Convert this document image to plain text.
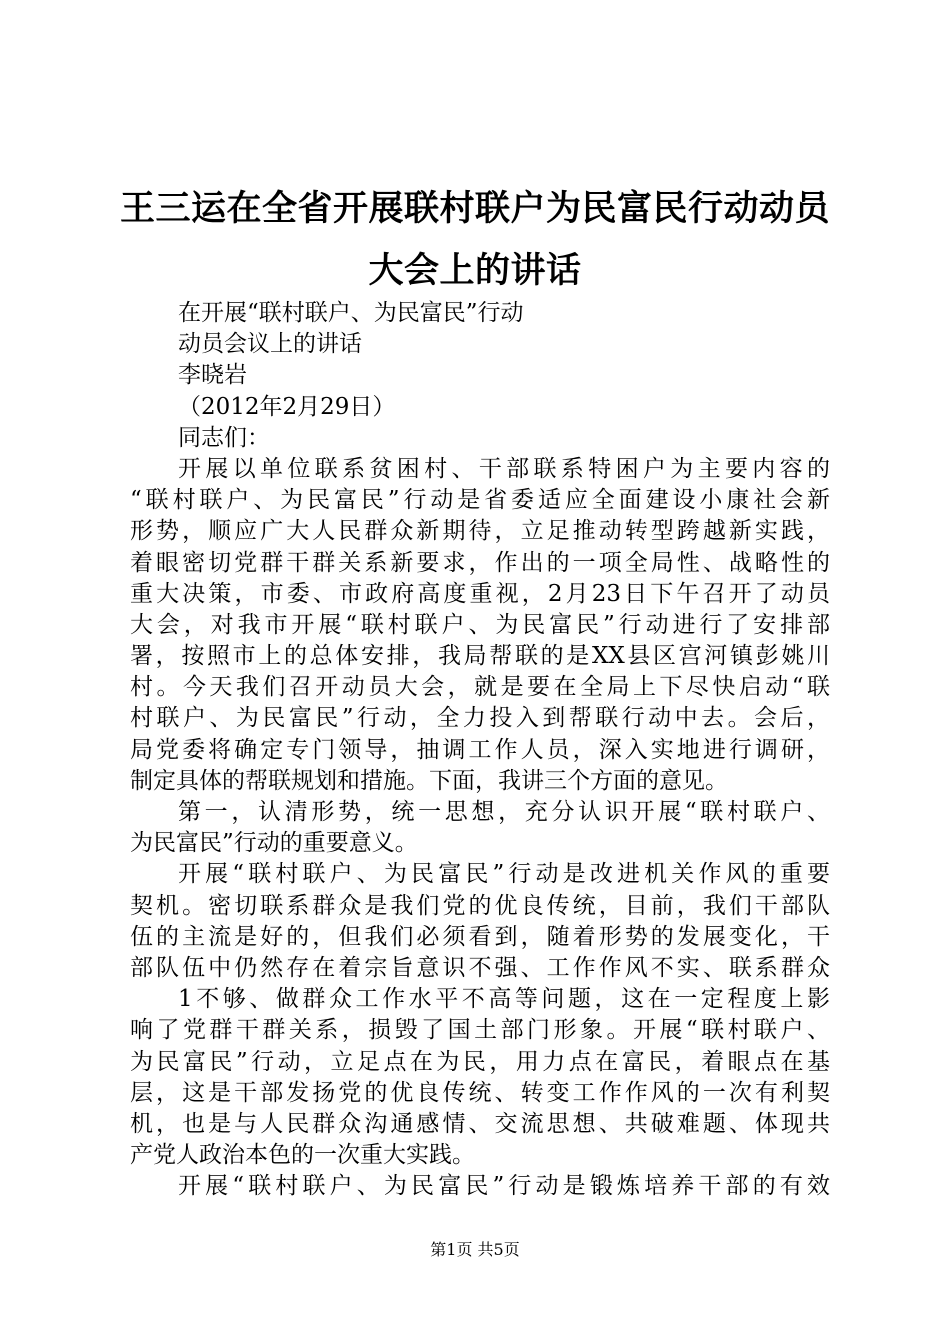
王三运在全省开展联村联户为民富民行动动员
大会上的讲话
在开展“联村联户、为民富民”行动
动员会议上的讲话
李晓岩
（2012年2月29日）
同志们：
开展以单位联系贫困村、干部联系特困户为主要内容的
“联村联户、为民富民”行动是省委适应全面建设小康社会新
形势，顺应广大人民群众新期待，立足推动转型跨越新实践，
着眼密切党群干群关系新要求，作出的一项全局性、战略性的
重大决策，市委、市政府高度重视，2月23日下午召开了动员
大会，对我市开展“联村联户、为民富民”行动进行了安排部
署，按照市上的总体安排，我局帮联的是XX县区宫河镇彭姚川
村。今天我们召开动员大会，就是要在全局上下尽快启动“联
村联户、为民富民”行动，全力投入到帮联行动中去。会后，
局党委将确定专门领导，抽调工作人员，深入实地进行调研，
制定具体的帮联规划和措施。下面，我讲三个方面的意见。
第一，认清形势，统一思想，充分认识开展“联村联户、
为民富民”行动的重要意义。
开展“联村联户、为民富民”行动是改进机关作风的重要
契机。密切联系群众是我们党的优良传统，目前，我们干部队
伍的主流是好的，但我们必须看到，随着形势的发展变化，干
部队伍中仍然存在着宗旨意识不强、工作作风不实、联系群众
1不够、做群众工作水平不高等问题，这在一定程度上影
响了党群干群关系，损毁了国土部门形象。开展“联村联户、
为民富民”行动，立足点在为民，用力点在富民，着眼点在基
层，这是干部发扬党的优良传统、转变工作作风的一次有利契
机，也是与人民群众沟通感情、交流思想、共破难题、体现共
产党人政治本色的一次重大实践。
开展“联村联户、为民富民”行动是锻炼培养干部的有效
第1页 共5页
